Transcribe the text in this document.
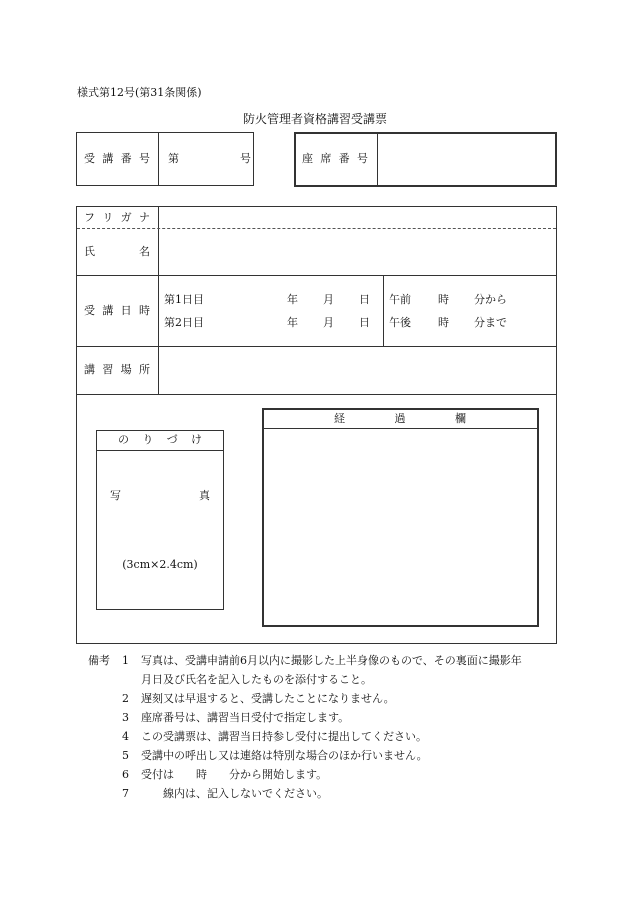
様式第12号(第31条関係)
防火管理者資格講習受講票
受 講 番 号 第	号	座 席 番 号
フ リ ガ ナ
氏	名
受 講 日 時
第1日目	年 月 日 午前 時 分から
第2日目	年 月 日 午後 時 分まで
講 習 場 所
の り づ け
写	真
(3cm×2.4cm)
経	過	欄
備考 1 写真は、受講申請前6月以内に撮影した上半身像のもので、その裏面に撮影年
月日及び氏名を記入したものを添付すること。
2 遅刻又は早退すると、受講したことになりません。
3 座席番号は、講習当日受付で指定します。
4 この受講票は、講習当日持参し受付に提出してください。
5 受講中の呼出し又は連絡は特別な場合のほか行いません。
6 受付は　　時　　分から開始します。
7 　　線内は、記入しないでください。
